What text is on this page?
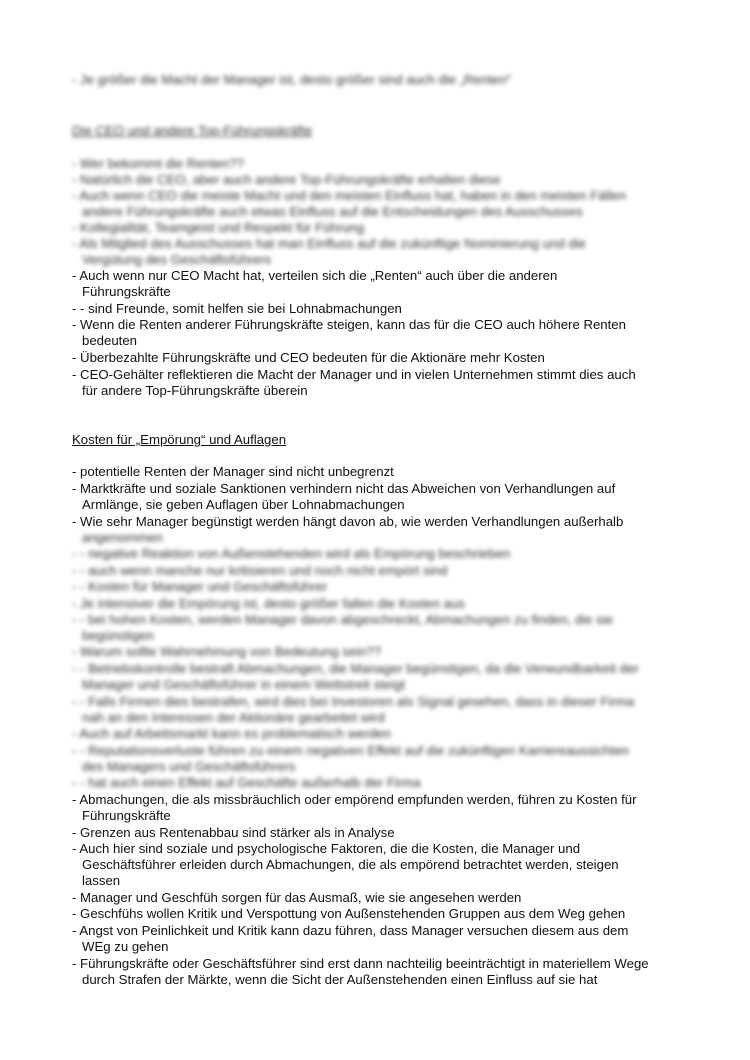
- Je größer die Macht der Manager ist, desto größer sind auch die „Renten“
Die CEO und andere Top-Führungskräfte
- Wer bekommt die Renten??
- Natürlich die CEO, aber auch andere Top-Führungskräfte erhalten diese
- Auch wenn CEO die meiste Macht und den meisten Einfluss hat, haben in den meisten Fällen
andere Führungskräfte auch etwas Einfluss auf die Entscheidungen des Ausschusses
- Kollegialität, Teamgeist und Respekt für Führung
- Als Mitglied des Ausschusses hat man Einfluss auf die zukünftige Nominierung und die
Vergütung des Geschäftsführers
- Auch wenn nur CEO Macht hat, verteilen sich die „Renten“ auch über die anderen
Führungskräfte
- - sind Freunde, somit helfen sie bei Lohnabmachungen
- Wenn die Renten anderer Führungskräfte steigen, kann das für die CEO auch höhere Renten
bedeuten
- Überbezahlte Führungskräfte und CEO bedeuten für die Aktionäre mehr Kosten
- CEO-Gehälter reflektieren die Macht der Manager und in vielen Unternehmen stimmt dies auch
für andere Top-Führungskräfte überein
Kosten für „Empörung“ und Auflagen
- potentielle Renten der Manager sind nicht unbegrenzt
- Marktkräfte und soziale Sanktionen verhindern nicht das Abweichen von Verhandlungen auf
Armlänge, sie geben Auflagen über Lohnabmachungen
- Wie sehr Manager begünstigt werden hängt davon ab, wie werden Verhandlungen außerhalb
angenommen
- - negative Reaktion von Außenstehenden wird als Empörung beschrieben
- - auch wenn manche nur kritisieren und noch nicht empört sind
- - Kosten für Manager und Geschäftsführer
- Je intensiver die Empörung ist, desto größer fallen die Kosten aus
- - bei hohen Kosten, werden Manager davon abgeschreckt, Abmachungen zu finden, die sie
begünstigen
- Warum sollte Wahrnehmung von Bedeutung sein??
- - Betriebskontrolle bestraft Abmachungen, die Manager begünstigen, da die Verwundbarkeit der
Manager und Geschäftsführer in einem Wettstreit steigt
- - Falls Firmen dies bestrafen, wird dies bei Investoren als Signal gesehen, dass in dieser Firma
nah an den Interessen der Aktionäre gearbeitet wird
- Auch auf Arbeitsmarkt kann es problematisch werden
- - Reputationsverluste führen zu einem negativen Effekt auf die zukünftigen Karriereaussichten
des Managers und Geschäftsführers
- - hat auch einen Effekt auf Geschäfte außerhalb der Firma
- Abmachungen, die als missbräuchlich oder empörend empfunden werden, führen zu Kosten für
Führungskräfte
- Grenzen aus Rentenabbau sind stärker als in Analyse
- Auch hier sind soziale und psychologische Faktoren, die die Kosten, die Manager und
Geschäftsführer erleiden durch Abmachungen, die als empörend betrachtet werden, steigen
lassen
- Manager und Geschfüh sorgen für das Ausmaß, wie sie angesehen werden
- Geschfühs wollen Kritik und Verspottung von Außenstehenden Gruppen aus dem Weg gehen
- Angst von Peinlichkeit und Kritik kann dazu führen, dass Manager versuchen diesem aus dem
WEg zu gehen
- Führungskräfte oder Geschäftsführer sind erst dann nachteilig beeinträchtigt in materiellem Wege
durch Strafen der Märkte, wenn die Sicht der Außenstehenden einen Einfluss auf sie hat
